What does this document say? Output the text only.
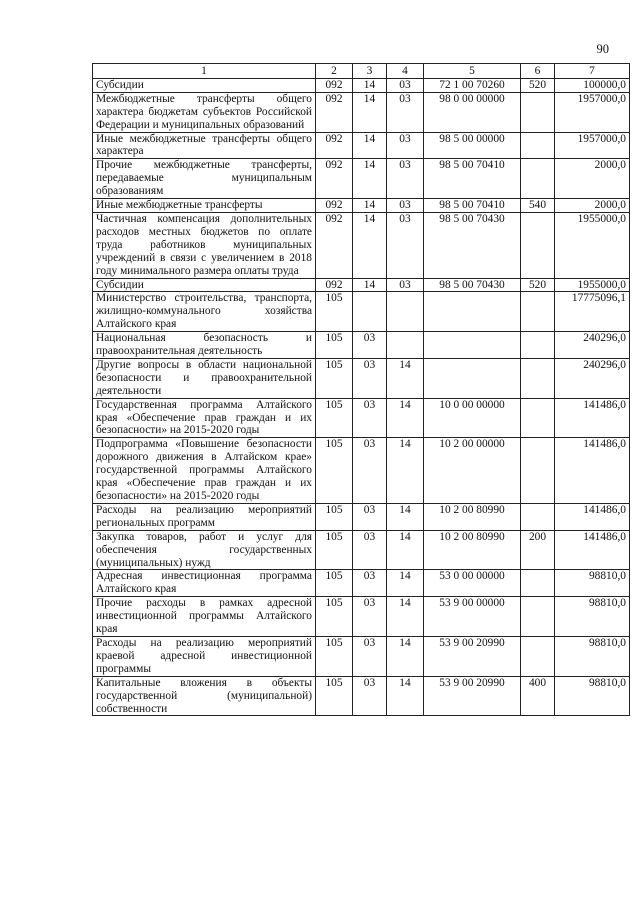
90
1	2	3	4	5	6	7
Субсидии	092	14	03	72 1 00 70260	520	100000,0
Межбюджетные трансферты общего характера бюджетам субъектов Российской Федерации и муниципальных образований	092	14	03	98 0 00 00000		1957000,0
Иные межбюджетные трансферты общего характера	092	14	03	98 5 00 00000		1957000,0
Прочие межбюджетные трансферты, передаваемые муниципальным образованиям	092	14	03	98 5 00 70410		2000,0
Иные межбюджетные трансферты	092	14	03	98 5 00 70410	540	2000,0
Частичная компенсация дополнительных расходов местных бюджетов по оплате труда работников муниципальных учреждений в связи с увеличением в 2018 году минимального размера оплаты труда	092	14	03	98 5 00 70430		1955000,0
Субсидии	092	14	03	98 5 00 70430	520	1955000,0
Министерство строительства, транспорта, жилищно-коммунального хозяйства Алтайского края	105					17775096,1
Национальная безопасность и правоохранительная деятельность	105	03				240296,0
Другие вопросы в области национальной безопасности и правоохранительной деятельности	105	03	14			240296,0
Государственная программа Алтайского края «Обеспечение прав граждан и их безопасности» на 2015-2020 годы	105	03	14	10 0 00 00000		141486,0
Подпрограмма «Повышение безопасности дорожного движения в Алтайском крае» государственной программы Алтайского края «Обеспечение прав граждан и их безопасности» на 2015-2020 годы	105	03	14	10 2 00 00000		141486,0
Расходы на реализацию мероприятий региональных программ	105	03	14	10 2 00 80990		141486,0
Закупка товаров, работ и услуг для обеспечения государственных (муниципальных) нужд	105	03	14	10 2 00 80990	200	141486,0
Адресная инвестиционная программа Алтайского края	105	03	14	53 0 00 00000		98810,0
Прочие расходы в рамках адресной инвестиционной программы Алтайского края	105	03	14	53 9 00 00000		98810,0
Расходы на реализацию мероприятий краевой адресной инвестиционной программы	105	03	14	53 9 00 20990		98810,0
Капитальные вложения в объекты государственной (муниципальной) собственности	105	03	14	53 9 00 20990	400	98810,0
